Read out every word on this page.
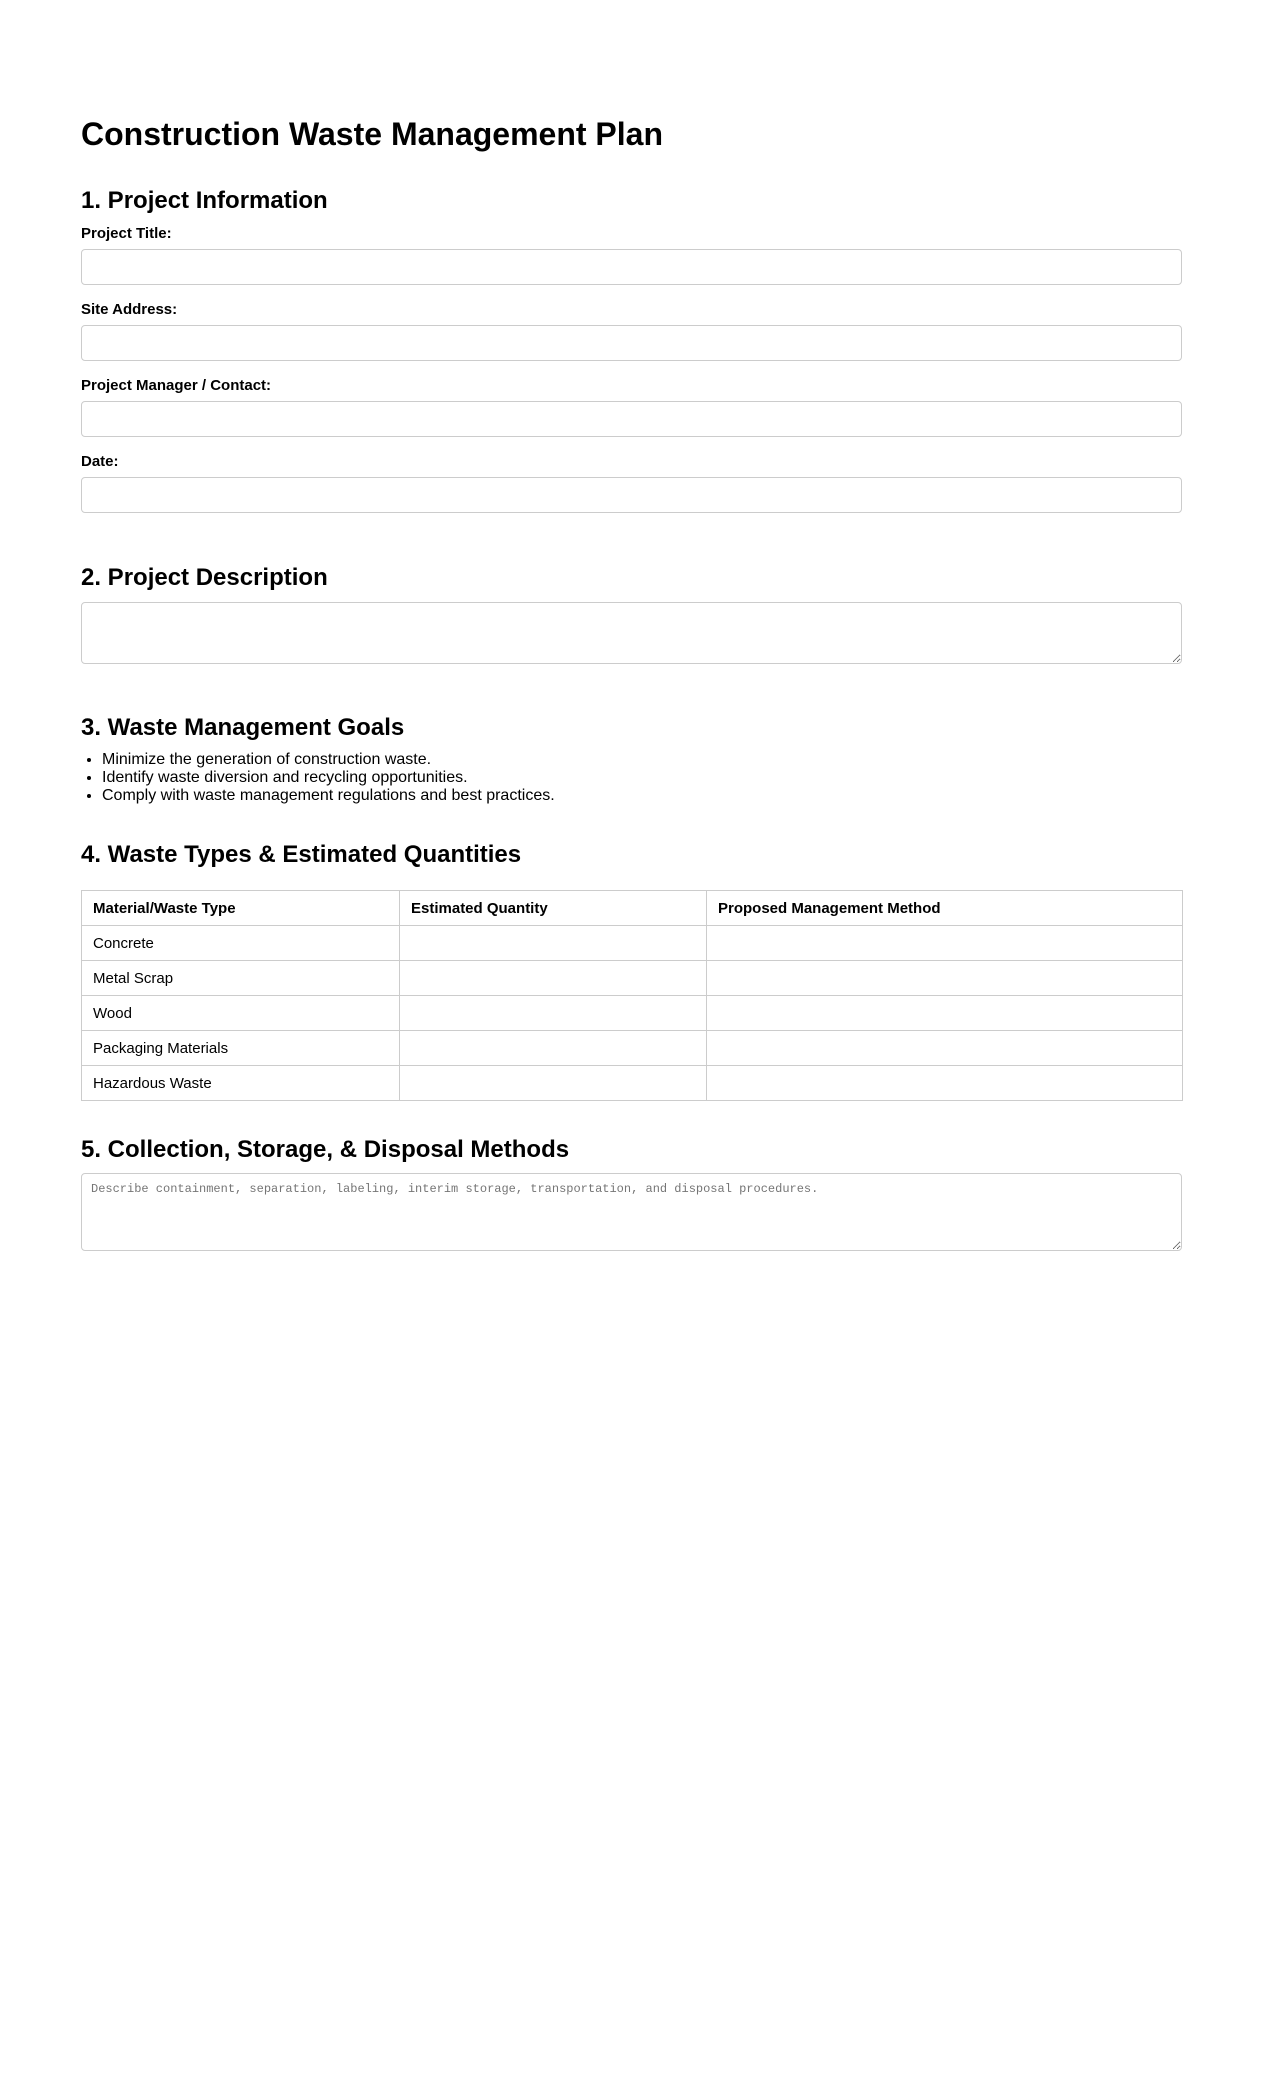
Construction Waste Management Plan
1. Project Information
Project Title:
Site Address:
Project Manager / Contact:
Date:
2. Project Description
3. Waste Management Goals
• Minimize the generation of construction waste.
• Identify waste diversion and recycling opportunities.
• Comply with waste management regulations and best practices.
4. Waste Types & Estimated Quantities
Material/Waste Type	Estimated Quantity	Proposed Management Method
Concrete		
Metal Scrap		
Wood		
Packaging Materials		
Hazardous Waste		
5. Collection, Storage, & Disposal Methods
Describe containment, separation, labeling, interim storage, transportation, and disposal procedures.
